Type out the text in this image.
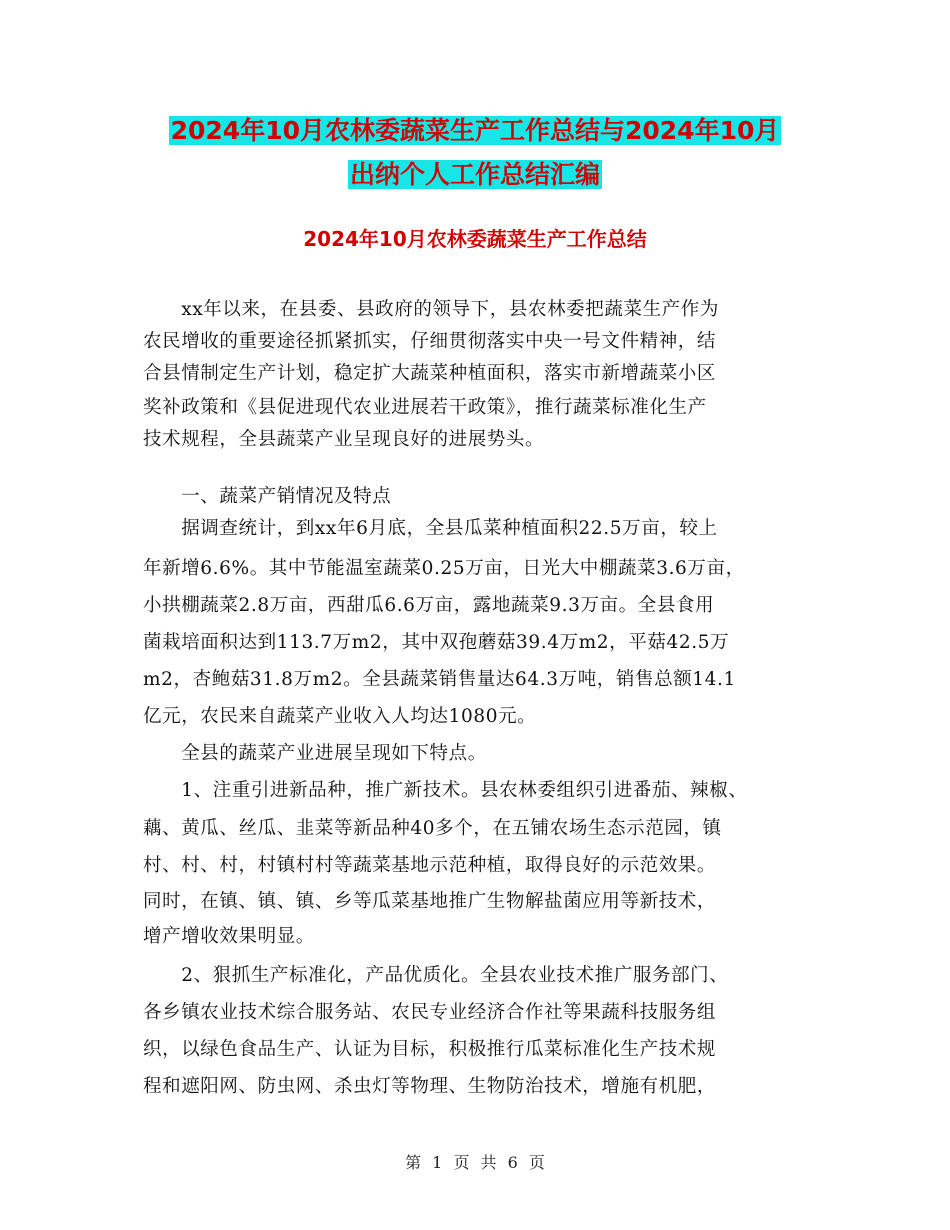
2024年10月农林委蔬菜生产工作总结与2024年10月
出纳个人工作总结汇编
2024年10月农林委蔬菜生产工作总结
　　xx年以来，在县委、县政府的领导下，县农林委把蔬菜生产作为
农民增收的重要途径抓紧抓实，仔细贯彻落实中央一号文件精神，结
合县情制定生产计划，稳定扩大蔬菜种植面积，落实市新增蔬菜小区
奖补政策和《县促进现代农业进展若干政策》，推行蔬菜标准化生产
技术规程，全县蔬菜产业呈现良好的进展势头。
　　一、蔬菜产销情况及特点
　　据调查统计，到xx年6月底，全县瓜菜种植面积22.5万亩，较上
年新增6.6%。其中节能温室蔬菜0.25万亩，日光大中棚蔬菜3.6万亩，
小拱棚蔬菜2.8万亩，西甜瓜6.6万亩，露地蔬菜9.3万亩。全县食用
菌栽培面积达到113.7万m2，其中双孢蘑菇39.4万m2，平菇42.5万
m2，杏鲍菇31.8万m2。全县蔬菜销售量达64.3万吨，销售总额14.1
亿元，农民来自蔬菜产业收入人均达1080元。
　　全县的蔬菜产业进展呈现如下特点。
　　1、注重引进新品种，推广新技术。县农林委组织引进番茄、辣椒、
藕、黄瓜、丝瓜、韭菜等新品种40多个，在五铺农场生态示范园，镇
村、村、村，村镇村村等蔬菜基地示范种植，取得良好的示范效果。
同时，在镇、镇、镇、乡等瓜菜基地推广生物解盐菌应用等新技术，
增产增收效果明显。
　　2、狠抓生产标准化，产品优质化。全县农业技术推广服务部门、
各乡镇农业技术综合服务站、农民专业经济合作社等果蔬科技服务组
织，以绿色食品生产、认证为目标，积极推行瓜菜标准化生产技术规
程和遮阳网、防虫网、杀虫灯等物理、生物防治技术，增施有机肥，
第 1 页 共 6 页
